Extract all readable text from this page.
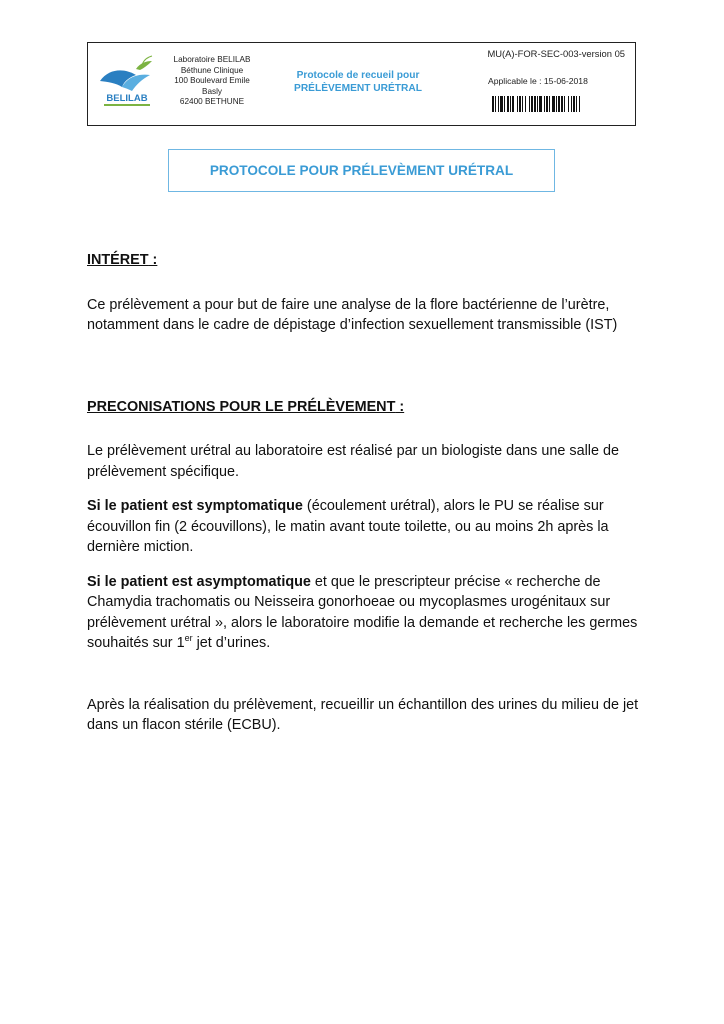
BELILAB
Laboratoire BELILAB
Béthune Clinique
100 Boulevard Emile
Basly
62400 BETHUNE
Protocole de recueil pour
PRÉLÈVEMENT URÉTRAL
MU(A)-FOR-SEC-003-version 05
Applicable le : 15-06-2018
PROTOCOLE POUR PRÉLEVÈMENT URÉTRAL

INTÉRET :

Ce prélèvement a pour but de faire une analyse de la flore bactérienne de l’urètre, notamment dans le cadre de dépistage d’infection sexuellement transmissible (IST)

PRECONISATIONS POUR LE PRÉLÈVEMENT :

Le prélèvement urétral au laboratoire est réalisé par un biologiste dans une salle de prélèvement spécifique.

Si le patient est symptomatique (écoulement urétral), alors le PU se réalise sur écouvillon fin (2 écouvillons), le matin avant toute toilette, ou au moins 2h après la dernière miction.

Si le patient est asymptomatique et que le prescripteur précise « recherche de Chamydia trachomatis ou Neisseira gonorhoeae ou mycoplasmes urogénitaux sur prélèvement urétral », alors le laboratoire modifie la demande et recherche les germes souhaités sur 1er jet d’urines.

Après la réalisation du prélèvement, recueillir un échantillon des urines du milieu de jet dans un flacon stérile (ECBU).
